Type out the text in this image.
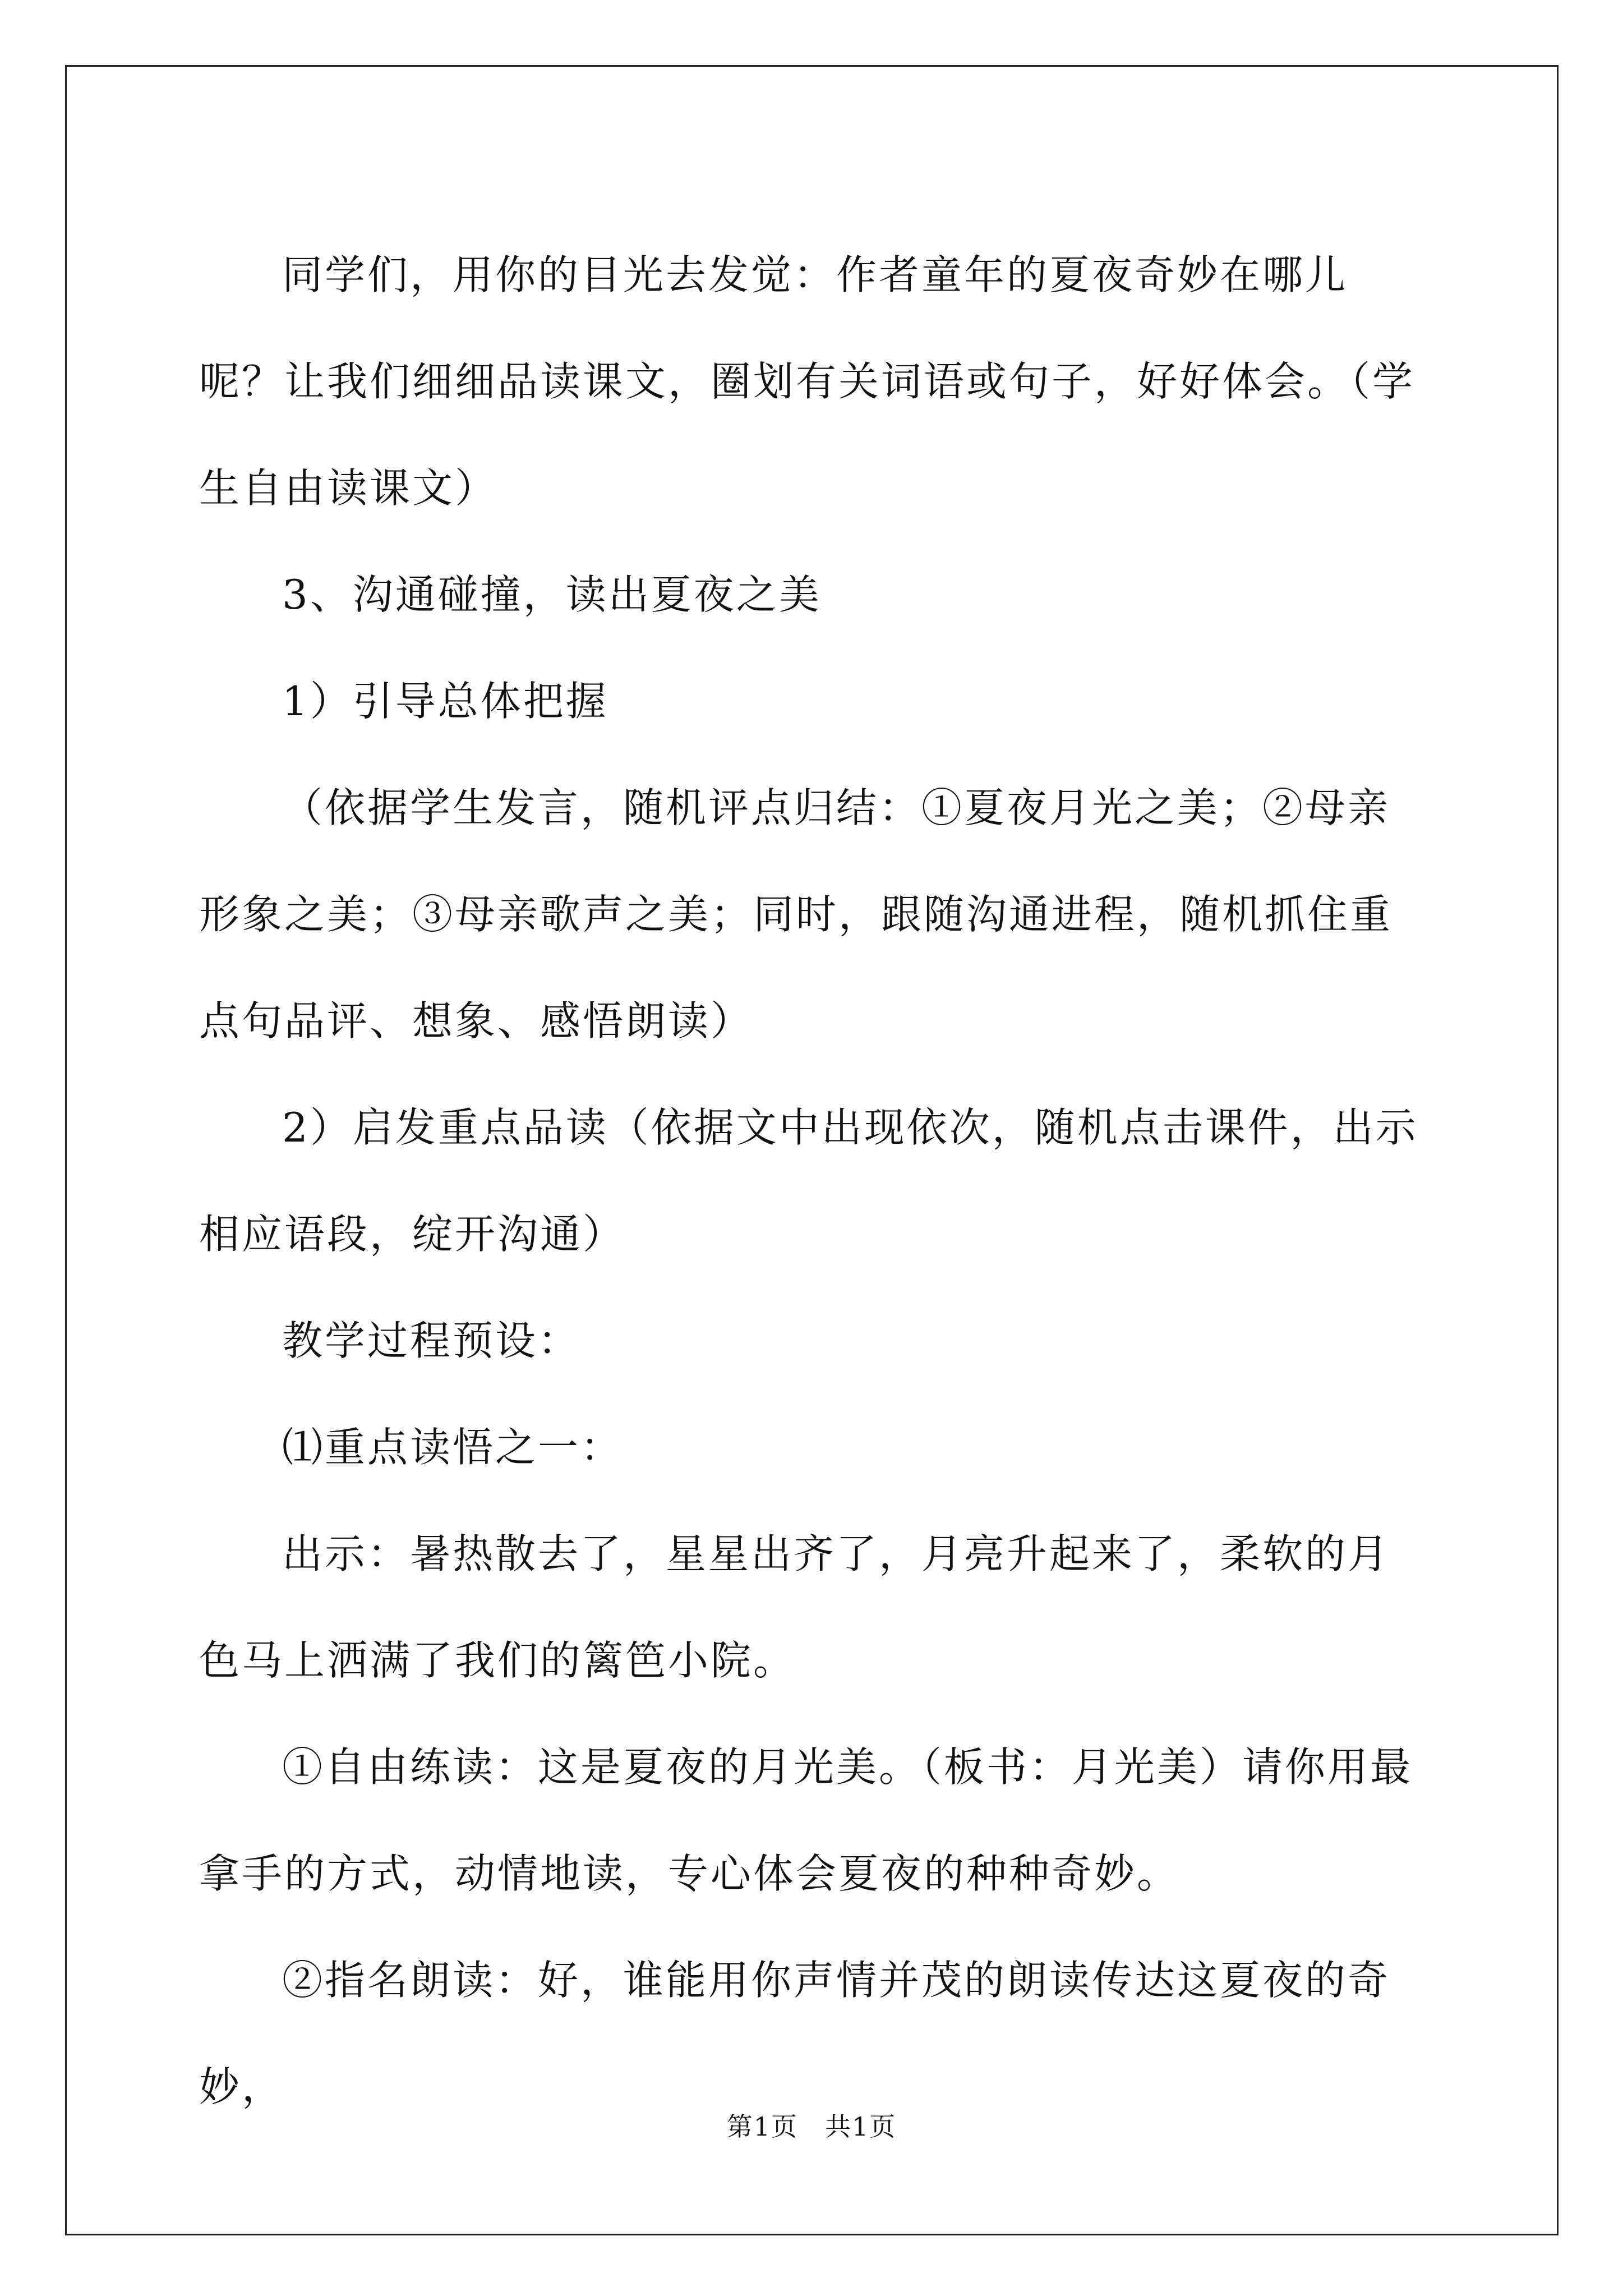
同学们，用你的目光去发觉：作者童年的夏夜奇妙在哪儿呢？让我们细细品读课文，圈划有关词语或句子，好好体会。（学生自由读课文）

3、沟通碰撞，读出夏夜之美

1）引导总体把握

（依据学生发言，随机评点归结：①夏夜月光之美；②母亲形象之美；③母亲歌声之美；同时，跟随沟通进程，随机抓住重点句品评、想象、感悟朗读）

2）启发重点品读（依据文中出现依次，随机点击课件，出示相应语段，绽开沟通）

教学过程预设：

⑴重点读悟之一：

出示：暑热散去了，星星出齐了，月亮升起来了，柔软的月色马上洒满了我们的篱笆小院。

①自由练读：这是夏夜的月光美。（板书：月光美）请你用最拿手的方式，动情地读，专心体会夏夜的种种奇妙。

②指名朗读：好，谁能用你声情并茂的朗读传达这夏夜的奇妙，

第1页　共1页
